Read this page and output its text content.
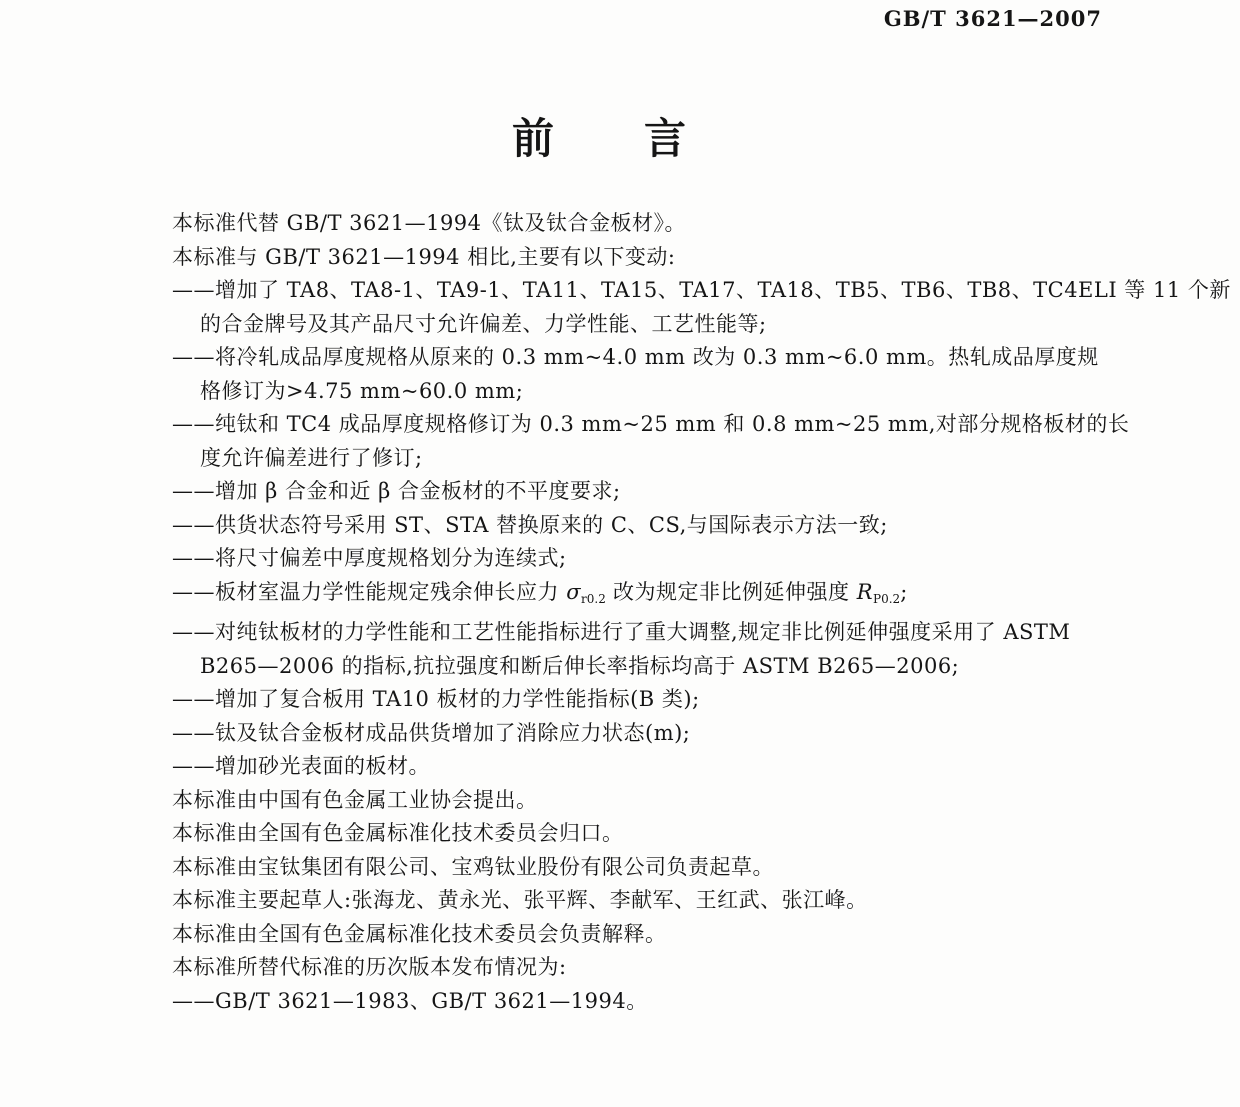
GB/T 3621—2007
前　　言
本标准代替 GB/T 3621—1994《钛及钛合金板材》。
本标准与 GB/T 3621—1994 相比,主要有以下变动:
——增加了 TA8、TA8-1、TA9-1、TA11、TA15、TA17、TA18、TB5、TB6、TB8、TC4ELI 等 11 个新
的合金牌号及其产品尺寸允许偏差、力学性能、工艺性能等;
——将冷轧成品厚度规格从原来的 0.3 mm~4.0 mm 改为 0.3 mm~6.0 mm。热轧成品厚度规
格修订为>4.75 mm~60.0 mm;
——纯钛和 TC4 成品厚度规格修订为 0.3 mm~25 mm 和 0.8 mm~25 mm,对部分规格板材的长
度允许偏差进行了修订;
——增加 β 合金和近 β 合金板材的不平度要求;
——供货状态符号采用 ST、STA 替换原来的 C、CS,与国际表示方法一致;
——将尺寸偏差中厚度规格划分为连续式;
——板材室温力学性能规定残余伸长应力 $\sigma_{r0.2}$ 改为规定非比例延伸强度 $R_{P0.2}$;
——对纯钛板材的力学性能和工艺性能指标进行了重大调整,规定非比例延伸强度采用了 ASTM
B265—2006 的指标,抗拉强度和断后伸长率指标均高于 ASTM B265—2006;
——增加了复合板用 TA10 板材的力学性能指标(B 类);
——钛及钛合金板材成品供货增加了消除应力状态(m);
——增加砂光表面的板材。
本标准由中国有色金属工业协会提出。
本标准由全国有色金属标准化技术委员会归口。
本标准由宝钛集团有限公司、宝鸡钛业股份有限公司负责起草。
本标准主要起草人:张海龙、黄永光、张平辉、李献军、王红武、张江峰。
本标准由全国有色金属标准化技术委员会负责解释。
本标准所替代标准的历次版本发布情况为:
——GB/T 3621—1983、GB/T 3621—1994。
